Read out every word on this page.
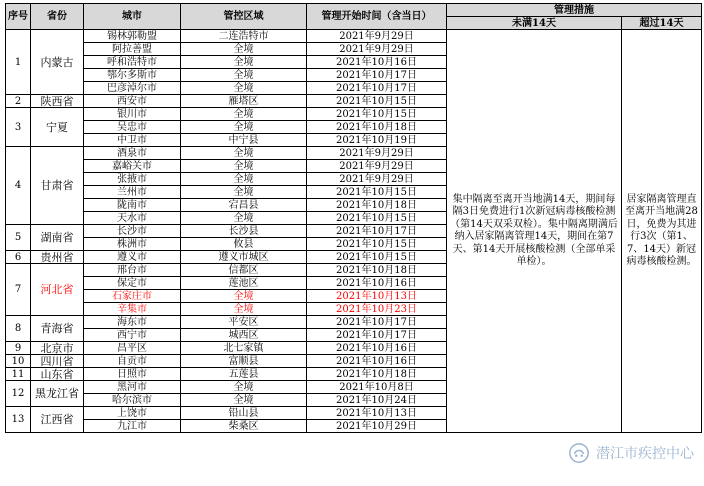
序号	省份	城市	管控区域	管理开始时间（含当日）	管理措施	
					未满14天	超过14天
1	内蒙古	锡林郭勒盟	二连浩特市	2021年9月29日	集中隔离至离开当地满14天，期间每隔3日免费进行1次新冠病毒核酸检测（第14天双采双检）。集中隔离期满后纳入居家隔离管理14天，期间在第7天、第14天开展核酸检测（全部单采单检）。	居家隔离管理直至离开当地满28日，免费为其进行3次（第1、7、14天）新冠病毒核酸检测。
		阿拉善盟	全境	2021年9月29日		
		呼和浩特市	全境	2021年10月16日		
		鄂尔多斯市	全境	2021年10月17日		
		巴彦淖尔市	全境	2021年10月17日		
2	陕西省	西安市	雁塔区	2021年10月15日		
3	宁夏	银川市	全境	2021年10月15日		
		吴忠市	全境	2021年10月18日		
		中卫市	中宁县	2021年10月19日		
4	甘肃省	酒泉市	全境	2021年9月29日		
		嘉峪关市	全境	2021年9月29日		
		张掖市	全境	2021年9月29日		
		兰州市	全境	2021年10月15日		
		陇南市	宕昌县	2021年10月18日		
		天水市	全境	2021年10月15日		
5	湖南省	长沙市	长沙县	2021年10月17日		
		株洲市	攸县	2021年10月15日		
6	贵州省	遵义市	遵义市城区	2021年10月15日		
7	河北省	邢台市	信都区	2021年10月18日		
		保定市	莲池区	2021年10月16日		
		石家庄市	全境	2021年10月13日		
		辛集市	全境	2021年10月23日		
8	青海省	海东市	平安区	2021年10月17日		
		西宁市	城西区	2021年10月17日		
9	北京市	昌平区	北七家镇	2021年10月16日		
10	四川省	自贡市	富顺县	2021年10月16日		
11	山东省	日照市	五莲县	2021年10月18日		
12	黑龙江省	黑河市	全境	2021年10月8日		
		哈尔滨市	全境	2021年10月24日		
13	江西省	上饶市	铅山县	2021年10月13日		
		九江市	柴桑区	2021年10月29日		
潜江市疾控中心
